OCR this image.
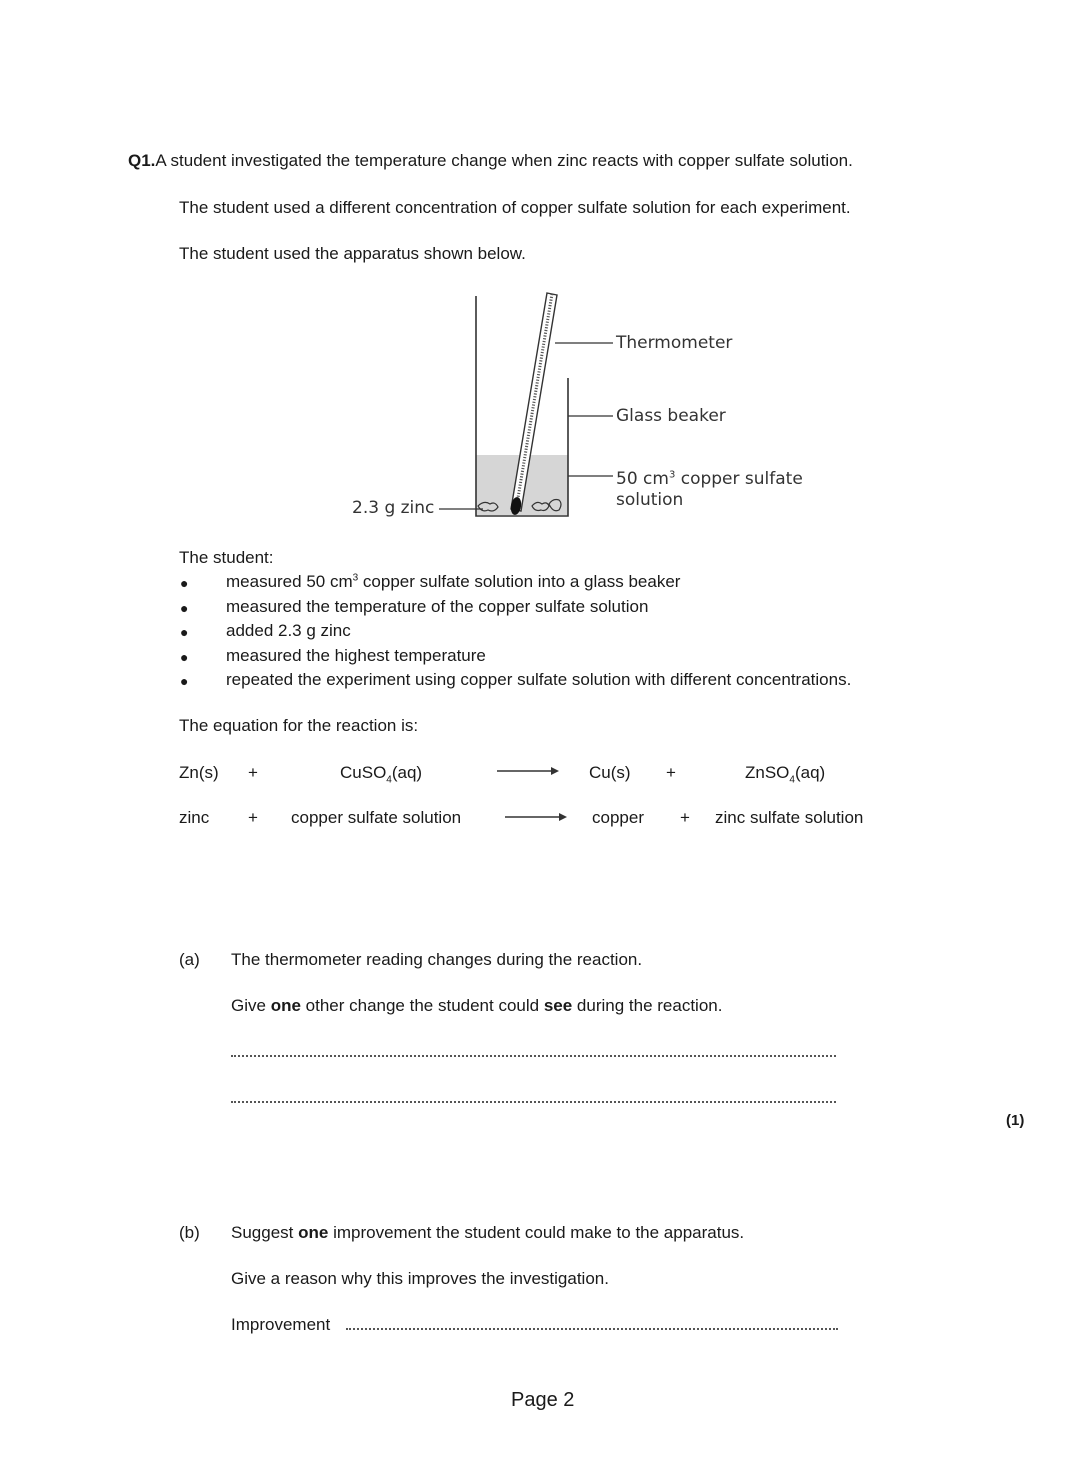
Q1.A student investigated the temperature change when zinc reacts with copper sulfate solution.
The student used a different concentration of copper sulfate solution for each experiment.
The student used the apparatus shown below.
Thermometer
Glass beaker
50 $cm^3$ copper sulfate
solution
2.3 g zinc
The student:
● measured 50 $cm^3$ copper sulfate solution into a glass beaker
● measured the temperature of the copper sulfate solution
● added 2.3 g zinc
● measured the highest temperature
● repeated the experiment using copper sulfate solution with different concentrations.
The equation for the reaction is:
Zn(s) +	CuSO$_4$(aq)	Cu(s) +	ZnSO$_4$(aq)
zinc + copper sulfate solution	copper + zinc sulfate solution
(a) The thermometer reading changes during the reaction.
Give one other change the student could see during the reaction.
(1)
(b) Suggest one improvement the student could make to the apparatus.
Give a reason why this improves the investigation.
Improvement
Page 2
